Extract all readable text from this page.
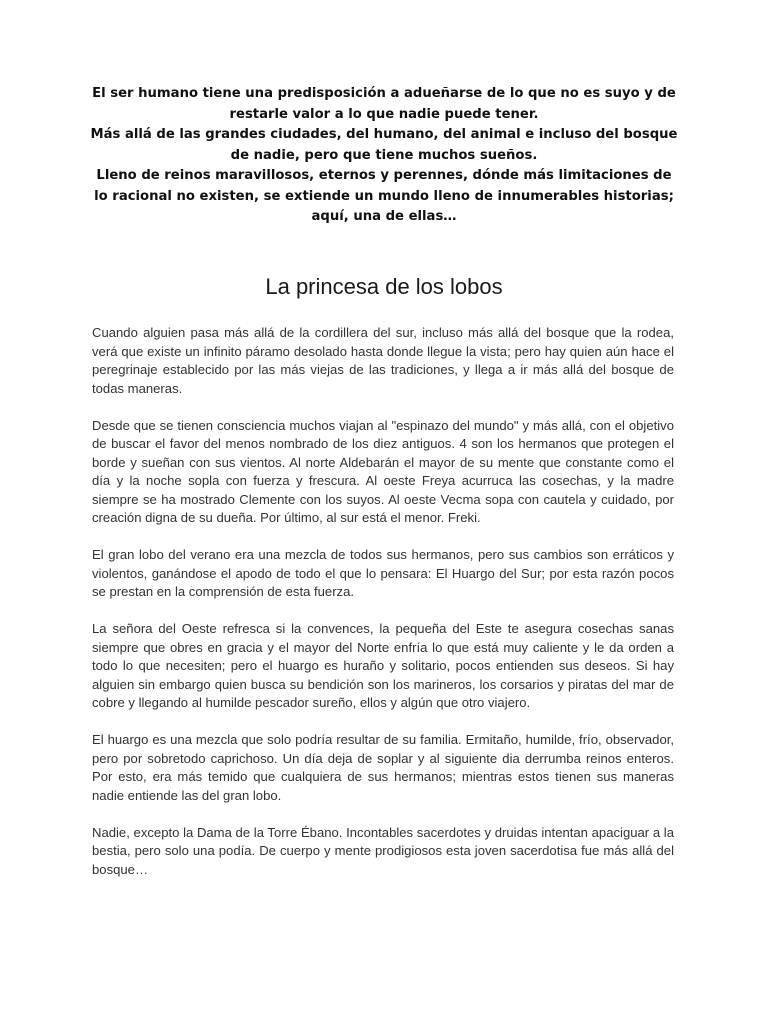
El ser humano tiene una predisposición a adueñarse de lo que no es suyo y de restarle valor a lo que nadie puede tener.

Más allá de las grandes ciudades, del humano, del animal e incluso del bosque de nadie, pero que tiene muchos sueños.

Lleno de reinos maravillosos, eternos y perennes, dónde más limitaciones de lo racional no existen, se extiende un mundo lleno de innumerables historias; aquí, una de ellas…

La princesa de los lobos

Cuando alguien pasa más allá de la cordillera del sur, incluso más allá del bosque que la rodea, verá que existe un infinito páramo desolado hasta donde llegue la vista; pero hay quien aún hace el peregrinaje establecido por las más viejas de las tradiciones, y llega a ir más allá del bosque de todas maneras.

Desde que se tienen consciencia muchos viajan al "espinazo del mundo" y más allá, con el objetivo de buscar el favor del menos nombrado de los diez antiguos. 4 son los hermanos que protegen el borde y sueñan con sus vientos. Al norte Aldebarán el mayor de su mente que constante como el día y la noche sopla con fuerza y frescura. Al oeste Freya acurruca las cosechas, y la madre siempre se ha mostrado Clemente con los suyos. Al oeste Vecma sopa con cautela y cuidado, por creación digna de su dueña. Por último, al sur está el menor. Freki.

El gran lobo del verano era una mezcla de todos sus hermanos, pero sus cambios son erráticos y violentos, ganándose el apodo de todo el que lo pensara: El Huargo del Sur; por esta razón pocos se prestan en la comprensión de esta fuerza.

La señora del Oeste refresca si la convences, la pequeña del Este te asegura cosechas sanas siempre que obres en gracia y el mayor del Norte enfría lo que está muy caliente y le da orden a todo lo que necesiten; pero el huargo es huraño y solitario, pocos entienden sus deseos. Si hay alguien sin embargo quien busca su bendición son los marineros, los corsarios y piratas del mar de cobre y llegando al humilde pescador sureño, ellos y algún que otro viajero.

El huargo es una mezcla que solo podría resultar de su familia. Ermitaño, humilde, frío, observador, pero por sobretodo caprichoso. Un día deja de soplar y al siguiente dia derrumba reinos enteros. Por esto, era más temido que cualquiera de sus hermanos; mientras estos tienen sus maneras nadie entiende las del gran lobo.

Nadie, excepto la Dama de la Torre Ébano. Incontables sacerdotes y druidas intentan apaciguar a la bestia, pero solo una podía. De cuerpo y mente prodigiosos esta joven sacerdotisa fue más allá del bosque…
